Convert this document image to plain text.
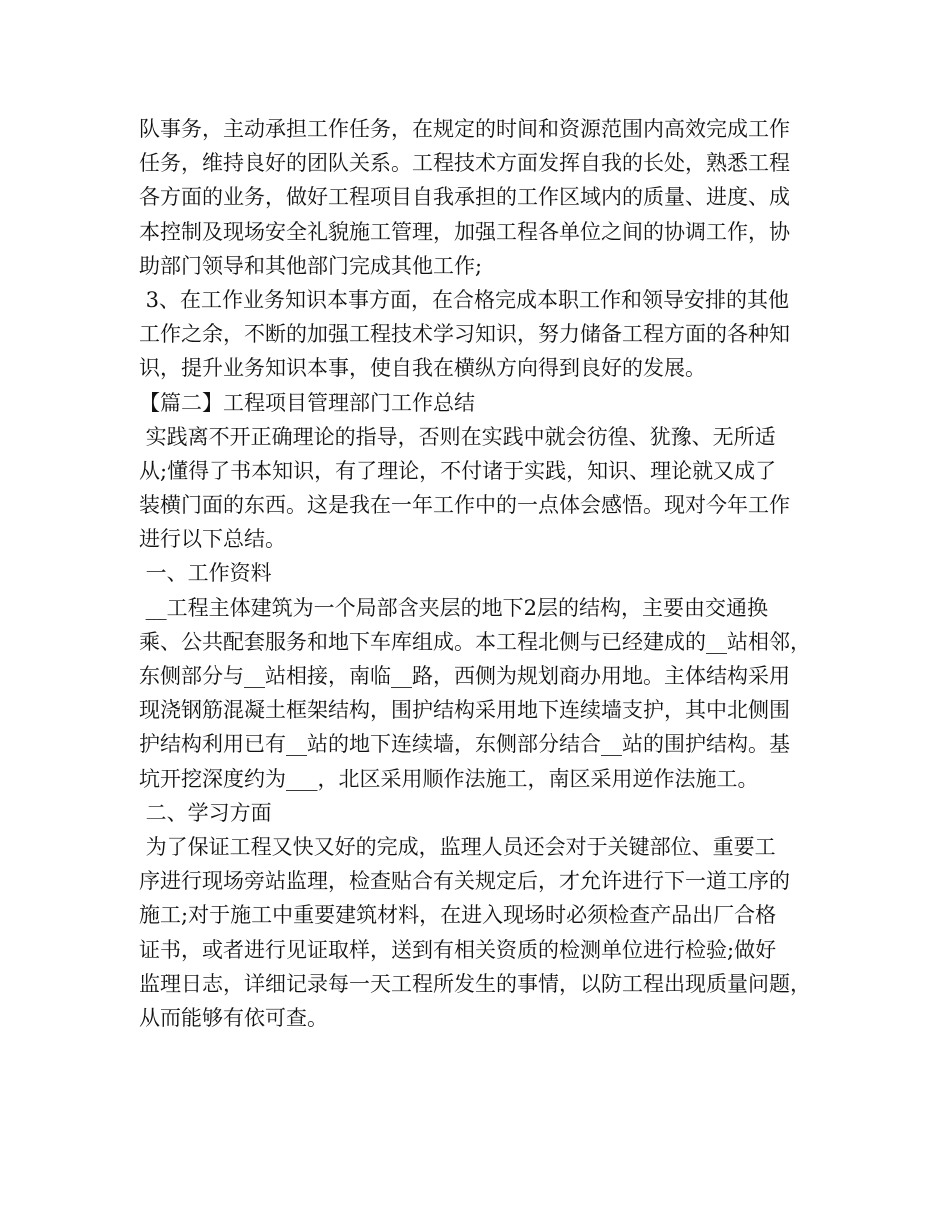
队事务，主动承担工作任务，在规定的时间和资源范围内高效完成工作
任务，维持良好的团队关系。工程技术方面发挥自我的长处，熟悉工程
各方面的业务，做好工程项目自我承担的工作区域内的质量、进度、成
本控制及现场安全礼貌施工管理，加强工程各单位之间的协调工作，协
助部门领导和其他部门完成其他工作;
3、在工作业务知识本事方面，在合格完成本职工作和领导安排的其他
工作之余，不断的加强工程技术学习知识，努力储备工程方面的各种知
识，提升业务知识本事，使自我在横纵方向得到良好的发展。
【篇二】工程项目管理部门工作总结
实践离不开正确理论的指导，否则在实践中就会彷徨、犹豫、无所适
从;懂得了书本知识，有了理论，不付诸于实践，知识、理论就又成了
装横门面的东西。这是我在一年工作中的一点体会感悟。现对今年工作
进行以下总结。
一、工作资料
__工程主体建筑为一个局部含夹层的地下2层的结构，主要由交通换
乘、公共配套服务和地下车库组成。本工程北侧与已经建成的__站相邻，
东侧部分与__站相接，南临__路，西侧为规划商办用地。主体结构采用
现浇钢筋混凝土框架结构，围护结构采用地下连续墙支护，其中北侧围
护结构利用已有__站的地下连续墙，东侧部分结合__站的围护结构。基
坑开挖深度约为___，北区采用顺作法施工，南区采用逆作法施工。
二、学习方面
为了保证工程又快又好的完成，监理人员还会对于关键部位、重要工
序进行现场旁站监理，检查贴合有关规定后，才允许进行下一道工序的
施工;对于施工中重要建筑材料，在进入现场时必须检查产品出厂合格
证书，或者进行见证取样，送到有相关资质的检测单位进行检验;做好
监理日志，详细记录每一天工程所发生的事情，以防工程出现质量问题，
从而能够有依可查。
